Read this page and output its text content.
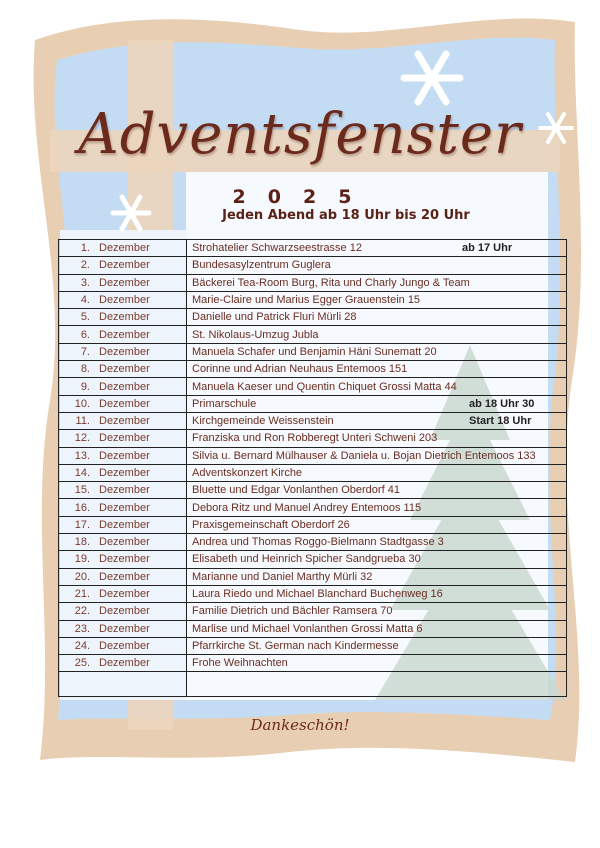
Adventsfenster
2025
Jeden Abend ab 18 Uhr bis 20 Uhr
1. Dezember	Strohatelier Schwarzseestrasse 12 ab 17 Uhr

2. Dezember	Bundesasylzentrum Guglera
3. Dezember	Bäckerei Tea-Room Burg, Rita und Charly Jungo & Team
4. Dezember	Marie-Claire und Marius Egger Grauenstein 15
5. Dezember	Danielle und Patrick Fluri Mürli 28
6. Dezember	St. Nikolaus-Umzug Jubla
7. Dezember	Manuela Schafer und Benjamin Häni Sunematt 20
8. Dezember	Corinne und Adrian Neuhaus Entemoos 151
9. Dezember	Manuela Kaeser und Quentin Chiquet Grossi Matta 44
10. Dezember	Primarschule ab 18 Uhr 30

11. Dezember	Kirchgemeinde Weissenstein Start 18 Uhr

12. Dezember	Franziska und Ron Robberegt Unteri Schweni 203
13. Dezember	Silvia u. Bernard Mülhauser & Daniela u. Bojan Dietrich Entemoos 133
14. Dezember	Adventskonzert Kirche
15. Dezember	Bluette und Edgar Vonlanthen Oberdorf 41
16. Dezember	Debora Ritz und Manuel Andrey Entemoos 115
17. Dezember	Praxisgemeinschaft Oberdorf 26
18. Dezember	Andrea und Thomas Roggo-Bielmann Stadtgasse 3
19. Dezember	Elisabeth und Heinrich Spicher Sandgrueba 30
20. Dezember	Marianne und Daniel Marthy Mürli 32
21. Dezember	Laura Riedo und Michael Blanchard Buchenweg 16
22. Dezember	Familie Dietrich und Bächler Ramsera 70
23. Dezember	Marlise und Michael Vonlanthen Grossi Matta 6
24. Dezember	Pfarrkirche St. German nach Kindermesse
25. Dezember	Frohe Weihnachten

Dankeschön!
